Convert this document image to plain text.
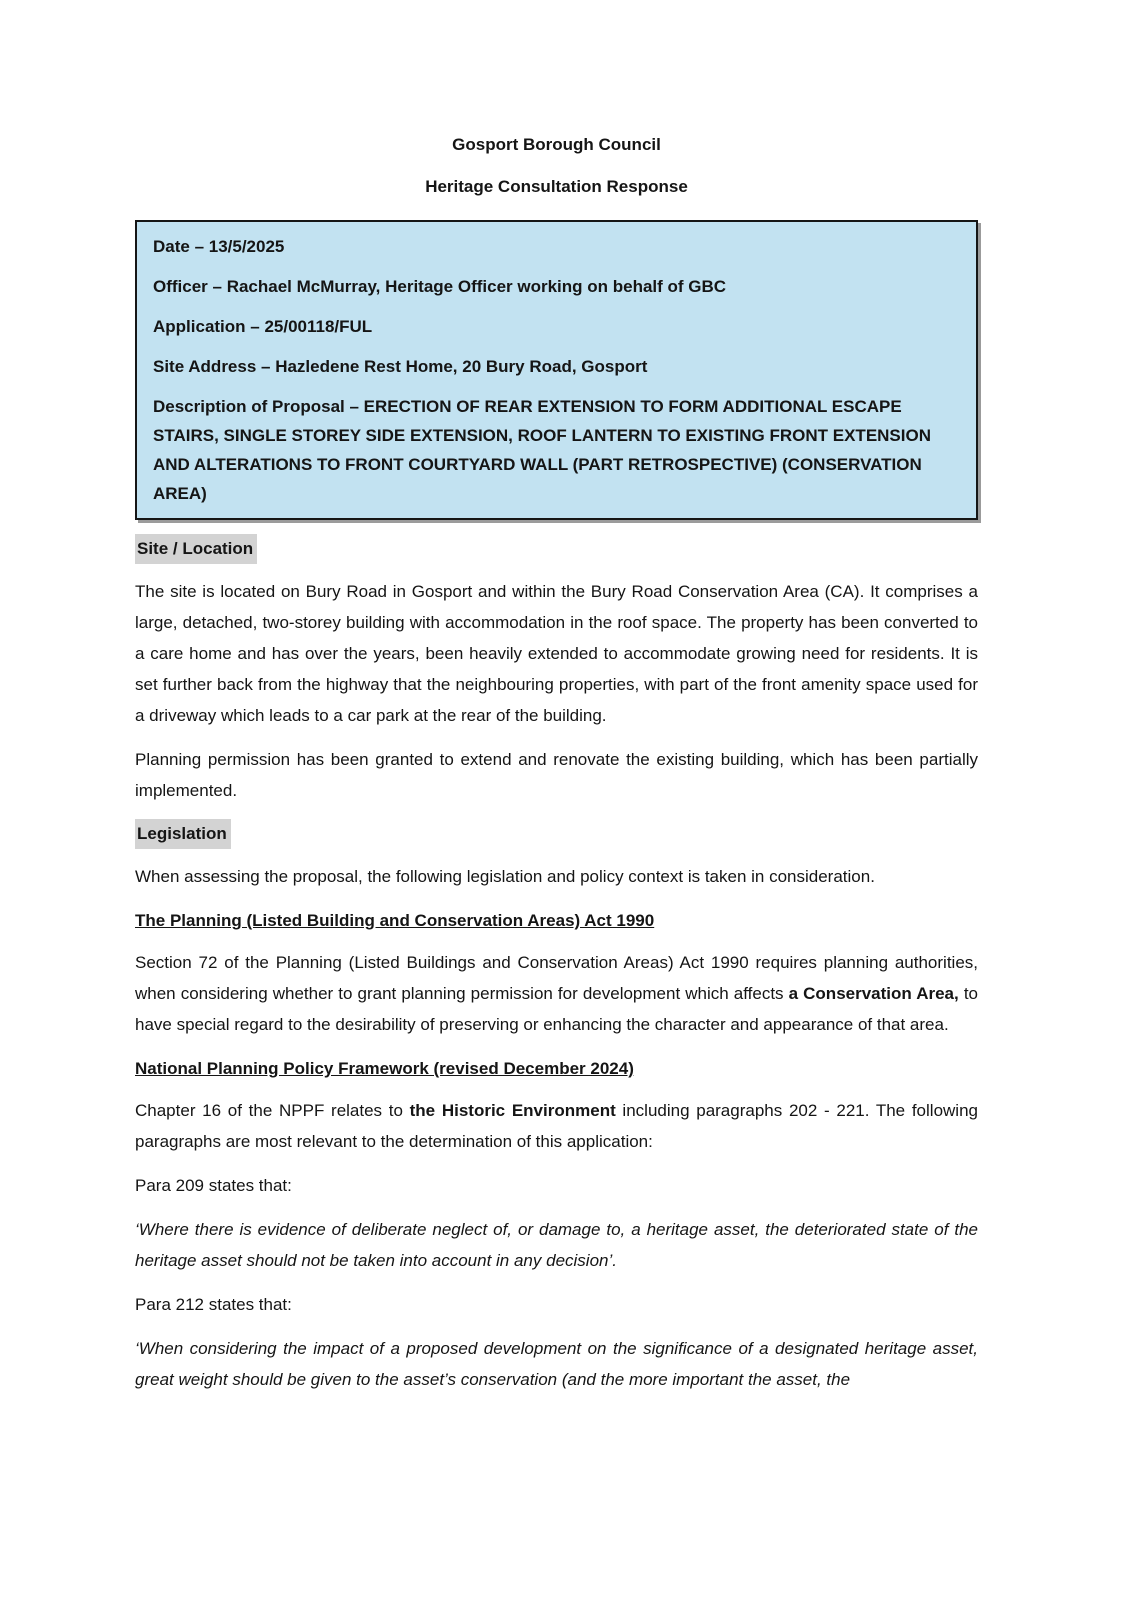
Gosport Borough Council

Heritage Consultation Response

Date – 13/5/2025

Officer – Rachael McMurray, Heritage Officer working on behalf of GBC

Application – 25/00118/FUL

Site Address – Hazledene Rest Home, 20 Bury Road, Gosport

Description of Proposal – ERECTION OF REAR EXTENSION TO FORM ADDITIONAL ESCAPE STAIRS, SINGLE STOREY SIDE EXTENSION, ROOF LANTERN TO EXISTING FRONT EXTENSION AND ALTERATIONS TO FRONT COURTYARD WALL (PART RETROSPECTIVE) (CONSERVATION AREA)

Site / Location

The site is located on Bury Road in Gosport and within the Bury Road Conservation Area (CA). It comprises a large, detached, two-storey building with accommodation in the roof space. The property has been converted to a care home and has over the years, been heavily extended to accommodate growing need for residents. It is set further back from the highway that the neighbouring properties, with part of the front amenity space used for a driveway which leads to a car park at the rear of the building.

Planning permission has been granted to extend and renovate the existing building, which has been partially implemented.

Legislation

When assessing the proposal, the following legislation and policy context is taken in consideration.

The Planning (Listed Building and Conservation Areas) Act 1990

Section 72 of the Planning (Listed Buildings and Conservation Areas) Act 1990 requires planning authorities, when considering whether to grant planning permission for development which affects a Conservation Area, to have special regard to the desirability of preserving or enhancing the character and appearance of that area.

National Planning Policy Framework (revised December 2024)

Chapter 16 of the NPPF relates to the Historic Environment including paragraphs 202 - 221. The following paragraphs are most relevant to the determination of this application:

Para 209 states that:

‘Where there is evidence of deliberate neglect of, or damage to, a heritage asset, the deteriorated state of the heritage asset should not be taken into account in any decision’.

Para 212 states that:

‘When considering the impact of a proposed development on the significance of a designated heritage asset, great weight should be given to the asset’s conservation (and the more important the asset, the
